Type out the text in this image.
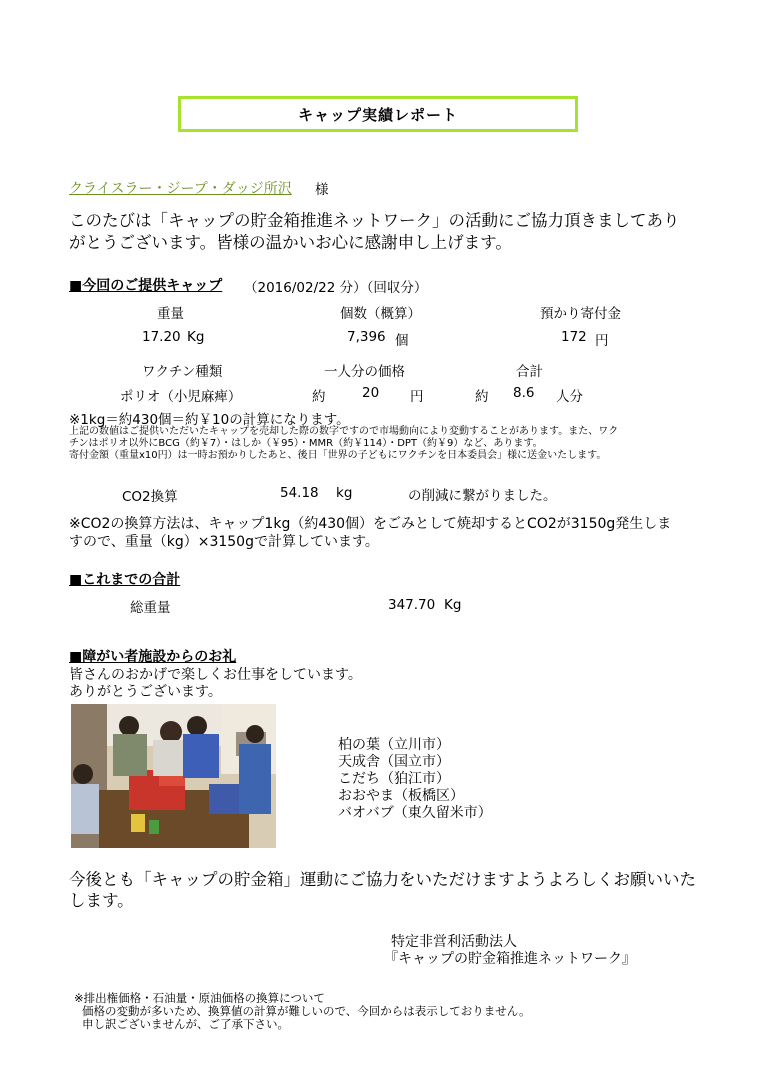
キャップ実績レポート
クライスラー・ジープ・ダッジ所沢 様
このたびは「キャップの貯金箱推進ネットワーク」の活動にご協力頂きましてあり
がとうございます。皆様の温かいお心に感謝申し上げます。
■今回のご提供キャップ （2016/02/22 分）（回収分）
重量	個数（概算）	預かり寄付金
17.20 Kg	7,396 個	172 円
ワクチン種類	一人分の価格	合計
ポリオ（小児麻痺）	約	20 円	約 8.6 人分
※1kg＝約430個＝約￥10の計算になります。
上記の数値はご提供いただいたキャップを売却した際の数字ですので市場動向により変動することがあります。また、ワク
チンはポリオ以外にBCG（約￥7）・はしか（￥95）・MMR（約￥114）・DPT（約￥9）など、あります。
寄付金額（重量x10円）は一時お預かりしたあと、後日「世界の子どもにワクチンを日本委員会」様に送金いたします。
CO2換算	54.18 kg	の削減に繋がりました。
※CO2の換算方法は、キャップ1kg（約430個）をごみとして焼却するとCO2が3150g発生しま
すので、重量（kg）×3150gで計算しています。
■これまでの合計
総重量	347.70 Kg
■障がい者施設からのお礼
皆さんのおかげで楽しくお仕事をしています。
ありがとうございます。
柏の葉（立川市）
天成舎（国立市）
こだち（狛江市）
おおやま（板橋区）
バオバブ（東久留米市）
今後とも「キャップの貯金箱」運動にご協力をいただけますようよろしくお願いいた
します。
特定非営利活動法人
『キャップの貯金箱推進ネットワーク』
※排出権価格・石油量・原油価格の換算について
価格の変動が多いため、換算値の計算が難しいので、今回からは表示しておりません。
申し訳ございませんが、ご了承下さい。
